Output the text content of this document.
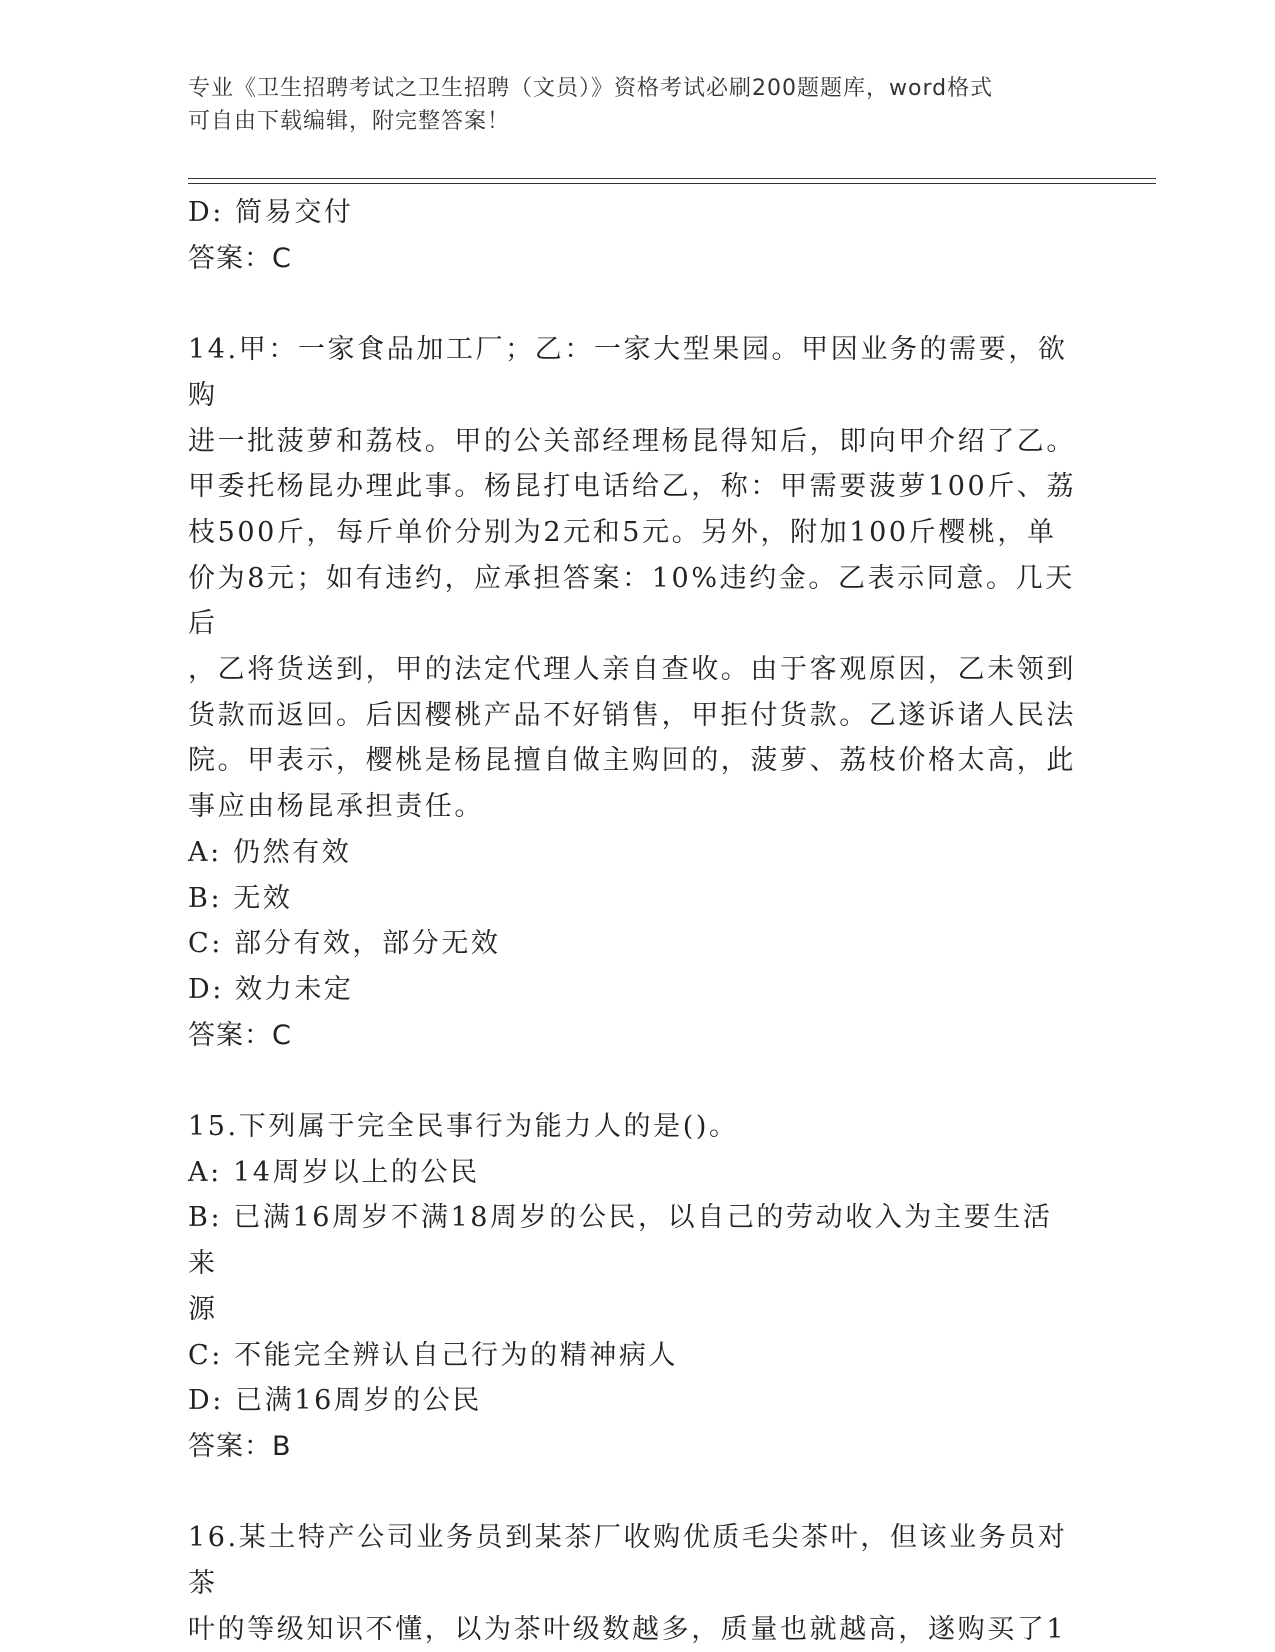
专业《卫生招聘考试之卫生招聘（文员）》资格考试必刷200题题库，word格式
可自由下载编辑，附完整答案！

D: 简易交付

答案：C

14.甲：一家食品加工厂；乙：一家大型果园。甲因业务的需要，欲购

进一批菠萝和荔枝。甲的公关部经理杨昆得知后，即向甲介绍了乙。

甲委托杨昆办理此事。杨昆打电话给乙，称：甲需要菠萝100斤、荔

枝500斤，每斤单价分别为2元和5元。另外，附加100斤樱桃，单

价为8元；如有违约，应承担答案：10%违约金。乙表示同意。几天后

，乙将货送到，甲的法定代理人亲自查收。由于客观原因，乙未领到

货款而返回。后因樱桃产品不好销售，甲拒付货款。乙遂诉诸人民法

院。甲表示，樱桃是杨昆擅自做主购回的，菠萝、荔枝价格太高，此

事应由杨昆承担责任。

A: 仍然有效

B: 无效

C: 部分有效，部分无效

D: 效力未定

答案：C

15.下列属于完全民事行为能力人的是()。

A: 14周岁以上的公民

B: 已满16周岁不满18周岁的公民，以自己的劳动收入为主要生活来

源

C: 不能完全辨认自己行为的精神病人

D: 已满16周岁的公民

答案：B

16.某土特产公司业务员到某茶厂收购优质毛尖茶叶，但该业务员对茶

叶的等级知识不懂，以为茶叶级数越多，质量也就越高，遂购买了1
